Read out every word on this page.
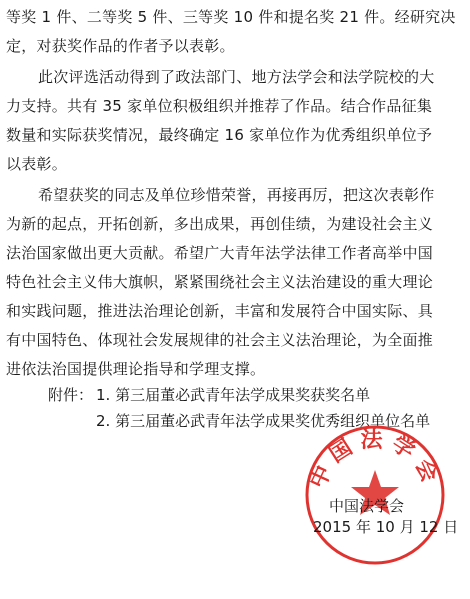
等奖 1 件、二等奖 5 件、三等奖 10 件和提名奖 21 件。经研究决
定，对获奖作品的作者予以表彰。
此次评选活动得到了政法部门、地方法学会和法学院校的大
力支持。共有 35 家单位积极组织并推荐了作品。结合作品征集
数量和实际获奖情况，最终确定 16 家单位作为优秀组织单位予
以表彰。
希望获奖的同志及单位珍惜荣誉，再接再厉，把这次表彰作
为新的起点，开拓创新，多出成果，再创佳绩，为建设社会主义
法治国家做出更大贡献。希望广大青年法学法律工作者高举中国
特色社会主义伟大旗帜，紧紧围绕社会主义法治建设的重大理论
和实践问题，推进法治理论创新，丰富和发展符合中国实际、具
有中国特色、体现社会发展规律的社会主义法治理论，为全面推
进依法治国提供理论指导和学理支撑。
附件： 1. 第三届董必武青年法学成果奖获奖名单
2. 第三届董必武青年法学成果奖优秀组织单位名单
中国法学会
中国法学会
2015 年 10 月 12 日
